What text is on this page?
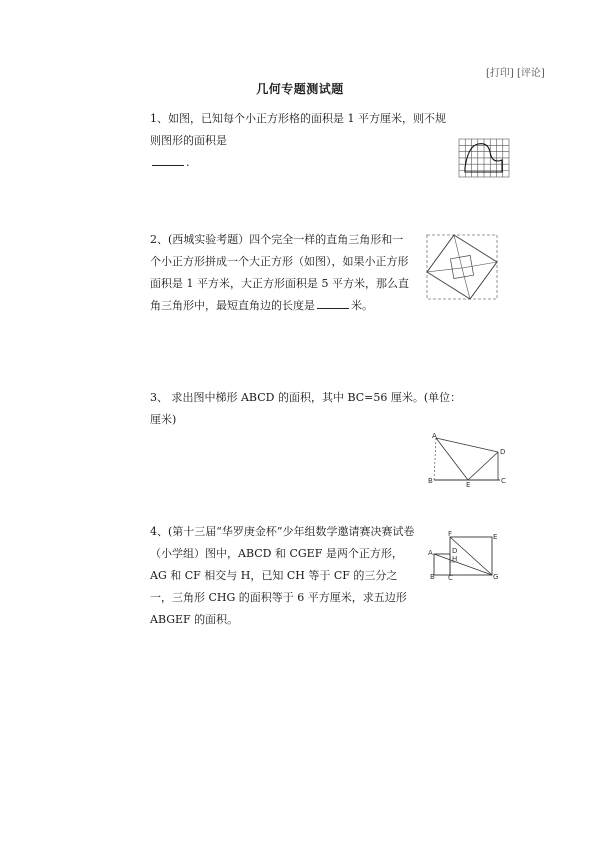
[打印] [评论]
几何专题测试题
1、如图，已知每个小正方形格的面积是 1 平方厘米，则不规则图形的面积是
.
2、(西城实验考题）四个完全一样的直角三角形和一个小正方形拼成一个大正方形（如图），如果小正方形面积是 1 平方米，大正方形面积是 5 平方米，那么直角三角形中，最短直角边的长度是	米。
3、 求出图中梯形 ABCD 的面积，其中 BC=56 厘米。(单位：厘米)
A
D
B	E	C
4、(第十三届“华罗庚金杯”少年组数学邀请赛决赛试卷（小学组）图中，ABCD 和 CGEF 是两个正方形，AG 和 CF 相交与 H，已知 CH 等于 CF 的三分之一，三角形 CHG 的面积等于 6 平方厘米，求五边形 ABGEF 的面积。
F	E
D
A
H
B C	G
